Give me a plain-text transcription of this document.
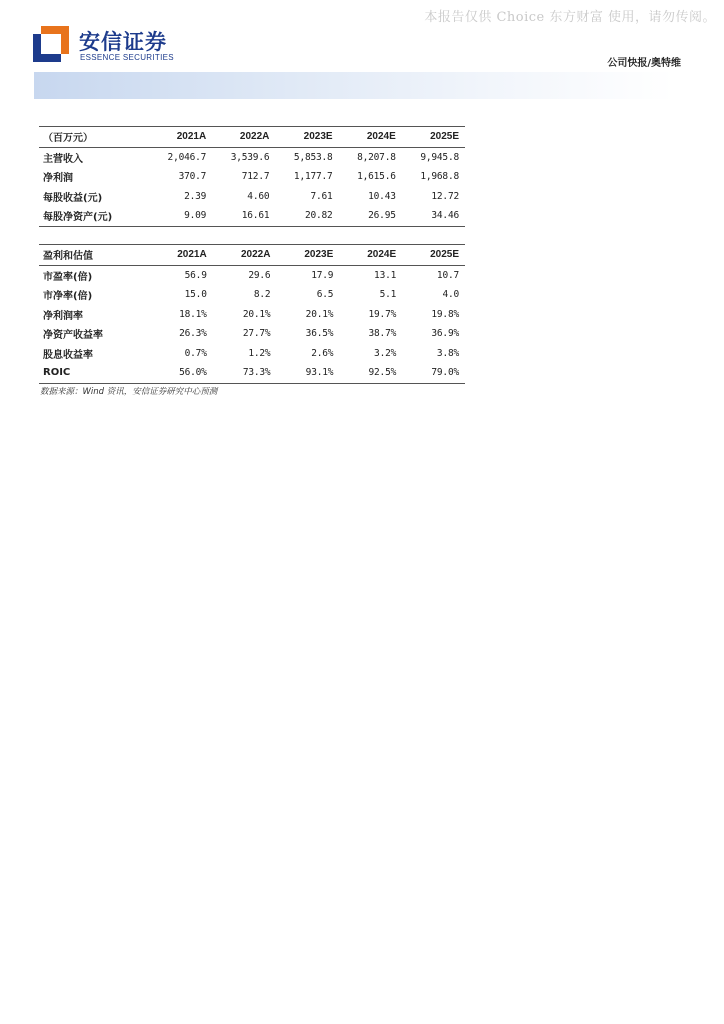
本报告仅供 Choice 东方财富 使用，请勿传阅。
安信证券
ESSENCE SECURITIES
公司快报/奥特维
（百万元）	2021A	2022A	2023E	2024E	2025E
主营收入	2,046.7	3,539.6	5,853.8	8,207.8	9,945.8
净利润	370.7	712.7	1,177.7	1,615.6	1,968.8
每股收益(元)	2.39	4.60	7.61	10.43	12.72
每股净资产(元)	9.09	16.61	20.82	26.95	34.46
盈利和估值	2021A	2022A	2023E	2024E	2025E
市盈率(倍)	56.9	29.6	17.9	13.1	10.7
市净率(倍)	15.0	8.2	6.5	5.1	4.0
净利润率	18.1%	20.1%	20.1%	19.7%	19.8%
净资产收益率	26.3%	27.7%	36.5%	38.7%	36.9%
股息收益率	0.7%	1.2%	2.6%	3.2%	3.8%
ROIC	56.0%	73.3%	93.1%	92.5%	79.0%
数据来源：Wind 资讯，安信证券研究中心预测
